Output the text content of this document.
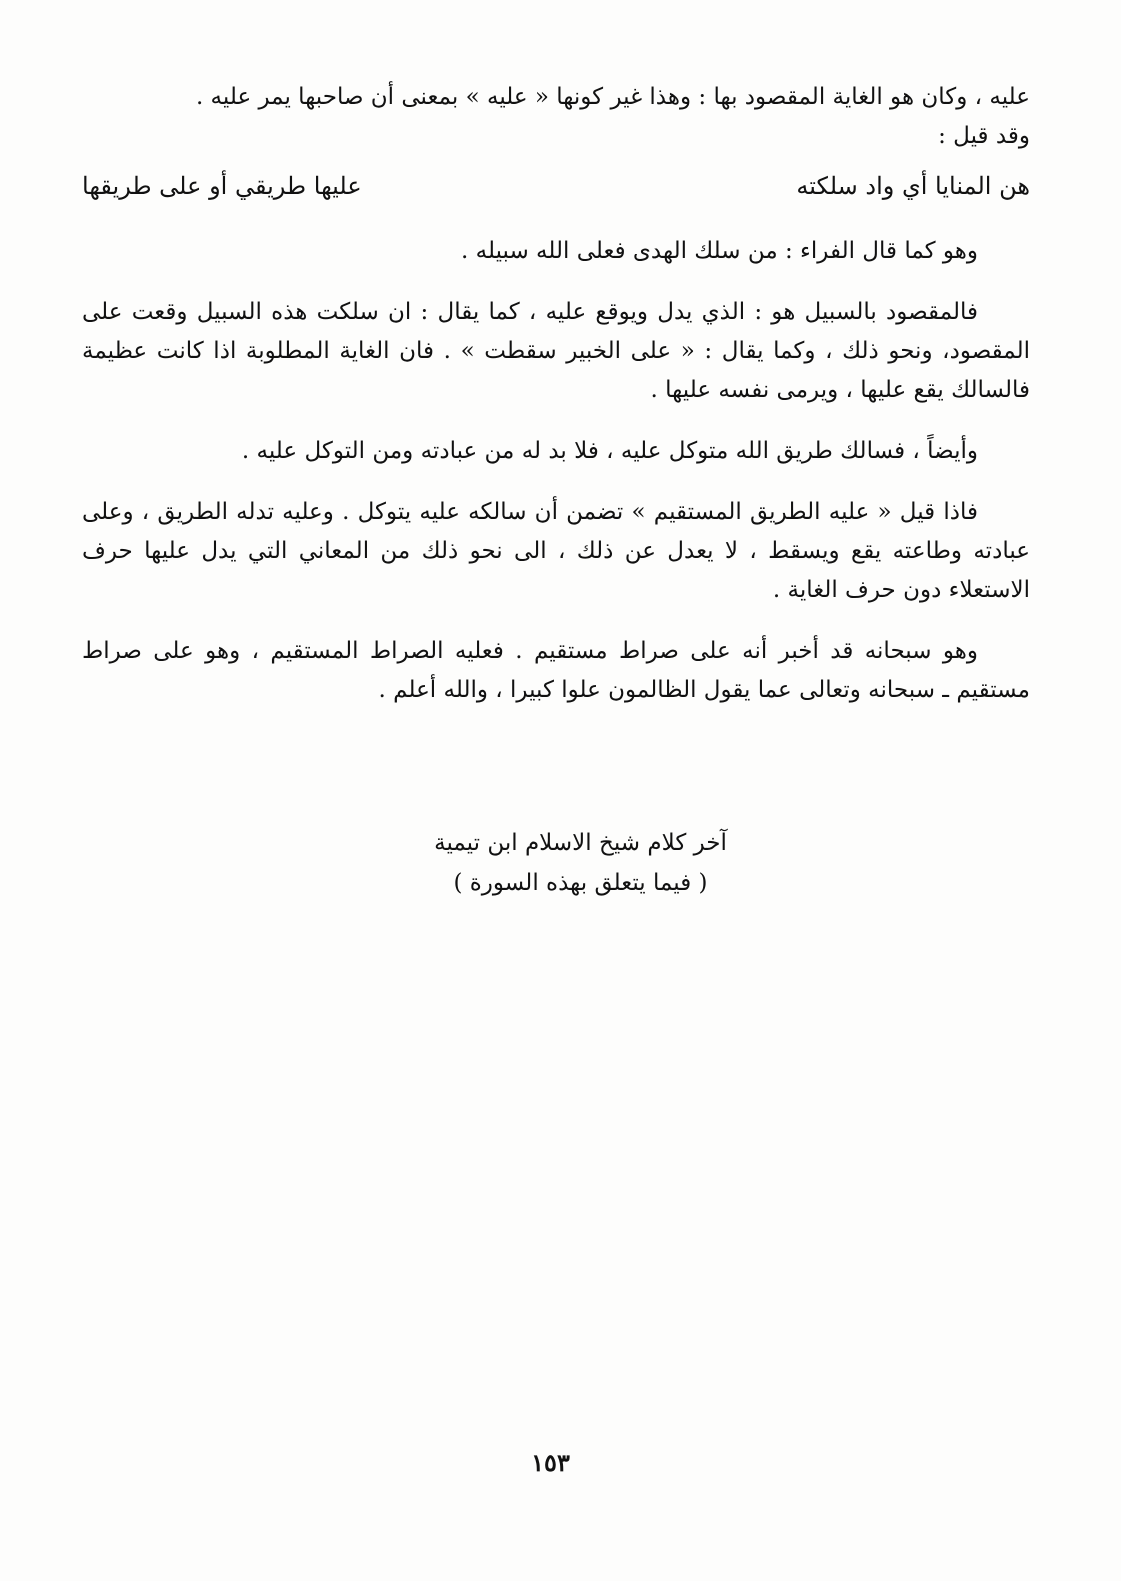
عليه ، وكان هو الغاية المقصود بها : وهذا غير كونها « عليه » بمعنى أن صاحبها يمر عليه .
وقد قيل :

هن المنايا أي واد سلكته
عليها طريقي أو على طريقها

وهو كما قال الفراء : من سلك الهدى فعلى الله سبيله .

فالمقصود بالسبيل هو : الذي يدل ويوقع عليه ، كما يقال : ان سلكت هذه السبيل وقعت على المقصود، ونحو ذلك ، وكما يقال : « على الخبير سقطت » . فان الغاية المطلوبة اذا كانت عظيمة فالسالك يقع عليها ، ويرمى نفسه عليها .

وأيضاً ، فسالك طريق الله متوكل عليه ، فلا بد له من عبادته ومن التوكل عليه .

فاذا قيل « عليه الطريق المستقيم » تضمن أن سالكه عليه يتوكل . وعليه تدله الطريق ، وعلى عبادته وطاعته يقع ويسقط ، لا يعدل عن ذلك ، الى نحو ذلك من المعاني التي يدل عليها حرف الاستعلاء دون حرف الغاية .

وهو سبحانه قد أخبر أنه على صراط مستقيم . فعليه الصراط المستقيم ، وهو على صراط مستقيم ـ سبحانه وتعالى عما يقول الظالمون علوا كبيرا ، والله أعلم .

آخر كلام شيخ الاسلام ابن تيمية
( فيما يتعلق بهذه السورة )
١٥٣
